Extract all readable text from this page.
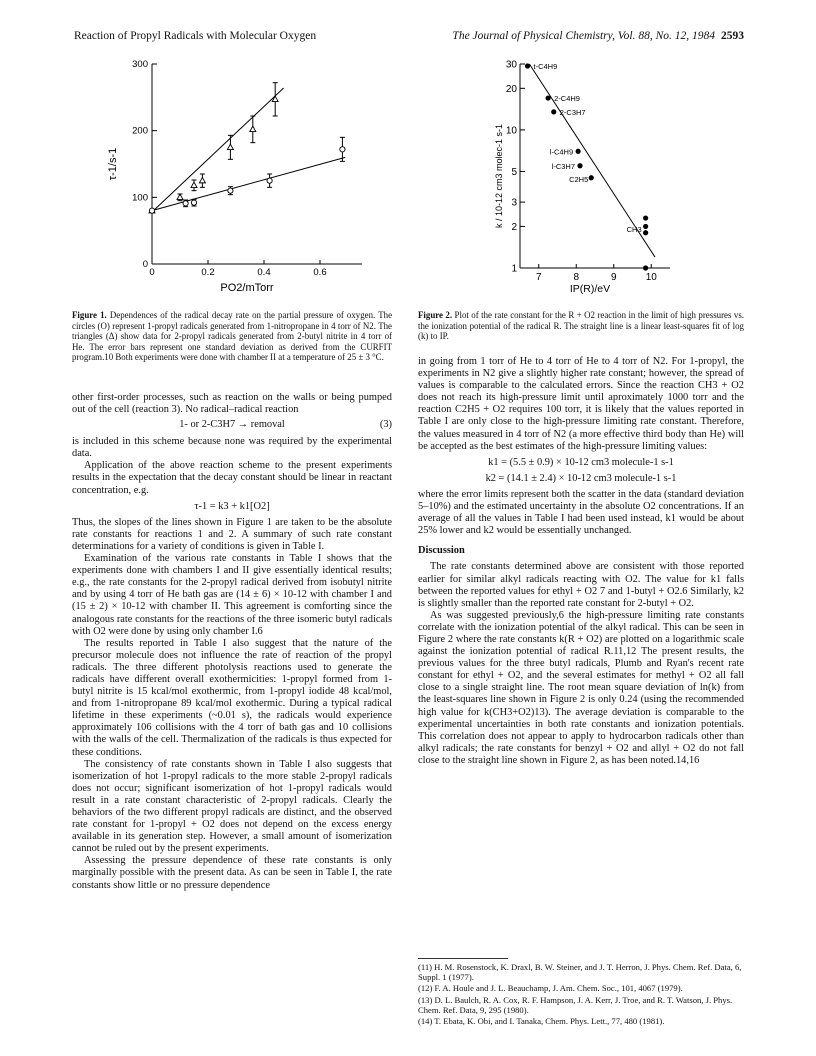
Reaction of Propyl Radicals with Molecular Oxygen	The Journal of Physical Chemistry, Vol. 88, No. 12, 1984 2593
0
100
200
300
0	0.2	0.4	0.6
PO2/mTorr
τ-1/s-1
Figure 1. Dependences of the radical decay rate on the partial pressure of oxygen. The circles (O) represent 1-propyl radicals generated from 1-nitropropane in 4 torr of N2. The triangles (Δ) show data for 2-propyl radicals generated from 2-butyl nitrite in 4 torr of He. The error bars represent one standard deviation as derived from the CURFIT program.10 Both experiments were done with chamber II at a temperature of 25 ± 3 °C.

other first-order processes, such as reaction on the walls or being pumped out of the cell (reaction 3). No radical–radical reaction

1- or 2-C3H7 → removal	(3)

is included in this scheme because none was required by the experimental data.

Application of the above reaction scheme to the present experiments results in the expectation that the decay constant should be linear in reactant concentration, e.g.

τ-1 = k3 + k1[O2]

Thus, the slopes of the lines shown in Figure 1 are taken to be the absolute rate constants for reactions 1 and 2. A summary of such rate constant determinations for a variety of conditions is given in Table I.

Examination of the various rate constants in Table I shows that the experiments done with chambers I and II give essentially identical results; e.g., the rate constants for the 2-propyl radical derived from isobutyl nitrite and by using 4 torr of He bath gas are (14 ± 6) × 10-12 with chamber I and (15 ± 2) × 10-12 with chamber II. This agreement is comforting since the analogous rate constants for the reactions of the three isomeric butyl radicals with O2 were done by using only chamber I.6

The results reported in Table I also suggest that the nature of the precursor molecule does not influence the rate of reaction of the propyl radicals. The three different photolysis reactions used to generate the radicals have different overall exothermicities: 1-propyl formed from 1-butyl nitrite is 15 kcal/mol exothermic, from 1-propyl iodide 48 kcal/mol, and from 1-nitropropane 89 kcal/mol exothermic. During a typical radical lifetime in these experiments (~0.01 s), the radicals would experience approximately 106 collisions with the 4 torr of bath gas and 10 collisions with the walls of the cell. Thermalization of the radicals is thus expected for these conditions.

The consistency of rate constants shown in Table I also suggests that isomerization of hot 1-propyl radicals to the more stable 2-propyl radicals does not occur; significant isomerization of hot 1-propyl radicals would result in a rate constant characteristic of 2-propyl radicals. Clearly the behaviors of the two different propyl radicals are distinct, and the observed rate constant for 1-propyl + O2 does not depend on the excess energy available in its generation step. However, a small amount of isomerization cannot be ruled out by the present experiments.

Assessing the pressure dependence of these rate constants is only marginally possible with the present data. As can be seen in Table I, the rate constants show little or no pressure dependence

1
2
3
5
10
20
30
7	8	9	10
IP(R)/eV
k / 10-12 cm3 molec-1 s-1
t-C4H9
2-C4H9
2-C3H7
l-C4H9
l-C3H7
C2H5
CH3
Figure 2. Plot of the rate constant for the R + O2 reaction in the limit of high pressures vs. the ionization potential of the radical R. The straight line is a linear least-squares fit of log (k) to IP.

in going from 1 torr of He to 4 torr of He to 4 torr of N2. For 1-propyl, the experiments in N2 give a slightly higher rate constant; however, the spread of values is comparable to the calculated errors. Since the reaction CH3 + O2 does not reach its high-pressure limit until aproximately 1000 torr and the reaction C2H5 + O2 requires 100 torr, it is likely that the values reported in Table I are only close to the high-pressure limiting rate constant. Therefore, the values measured in 4 torr of N2 (a more effective third body than He) will be accepted as the best estimates of the high-pressure limiting values:

k1 = (5.5 ± 0.9) × 10-12 cm3 molecule-1 s-1
k2 = (14.1 ± 2.4) × 10-12 cm3 molecule-1 s-1

where the error limits represent both the scatter in the data (standard deviation 5–10%) and the estimated uncertainty in the absolute O2 concentrations. If an average of all the values in Table I had been used instead, k1 would be about 25% lower and k2 would be essentially unchanged.

Discussion

The rate constants determined above are consistent with those reported earlier for similar alkyl radicals reacting with O2. The value for k1 falls between the reported values for ethyl + O2 7 and 1-butyl + O2.6 Similarly, k2 is slightly smaller than the reported rate constant for 2-butyl + O2.

As was suggested previously,6 the high-pressure limiting rate constants correlate with the ionization potential of the alkyl radical. This can be seen in Figure 2 where the rate constants k(R + O2) are plotted on a logarithmic scale against the ionization potential of radical R.11,12 The present results, the previous values for the three butyl radicals, Plumb and Ryan's recent rate constant for ethyl + O2, and the several estimates for methyl + O2 all fall close to a single straight line. The root mean square deviation of ln(k) from the least-squares line shown in Figure 2 is only 0.24 (using the recommended high value for k(CH3+O2)13). The average deviation is comparable to the experimental uncertainties in both rate constants and ionization potentials. This correlation does not appear to apply to hydrocarbon radicals other than alkyl radicals; the rate constants for benzyl + O2 and allyl + O2 do not fall close to the straight line shown in Figure 2, as has been noted.14,16

(11) H. M. Rosenstock, K. Draxl, B. W. Steiner, and J. T. Herron, J. Phys. Chem. Ref. Data, 6, Suppl. 1 (1977).
(12) F. A. Houle and J. L. Beauchamp, J. Am. Chem. Soc., 101, 4067 (1979).
(13) D. L. Baulch, R. A. Cox, R. F. Hampson, J. A. Kerr, J. Troe, and R. T. Watson, J. Phys. Chem. Ref. Data, 9, 295 (1980).
(14) T. Ebata, K. Obi, and I. Tanaka, Chem. Phys. Lett., 77, 480 (1981).
